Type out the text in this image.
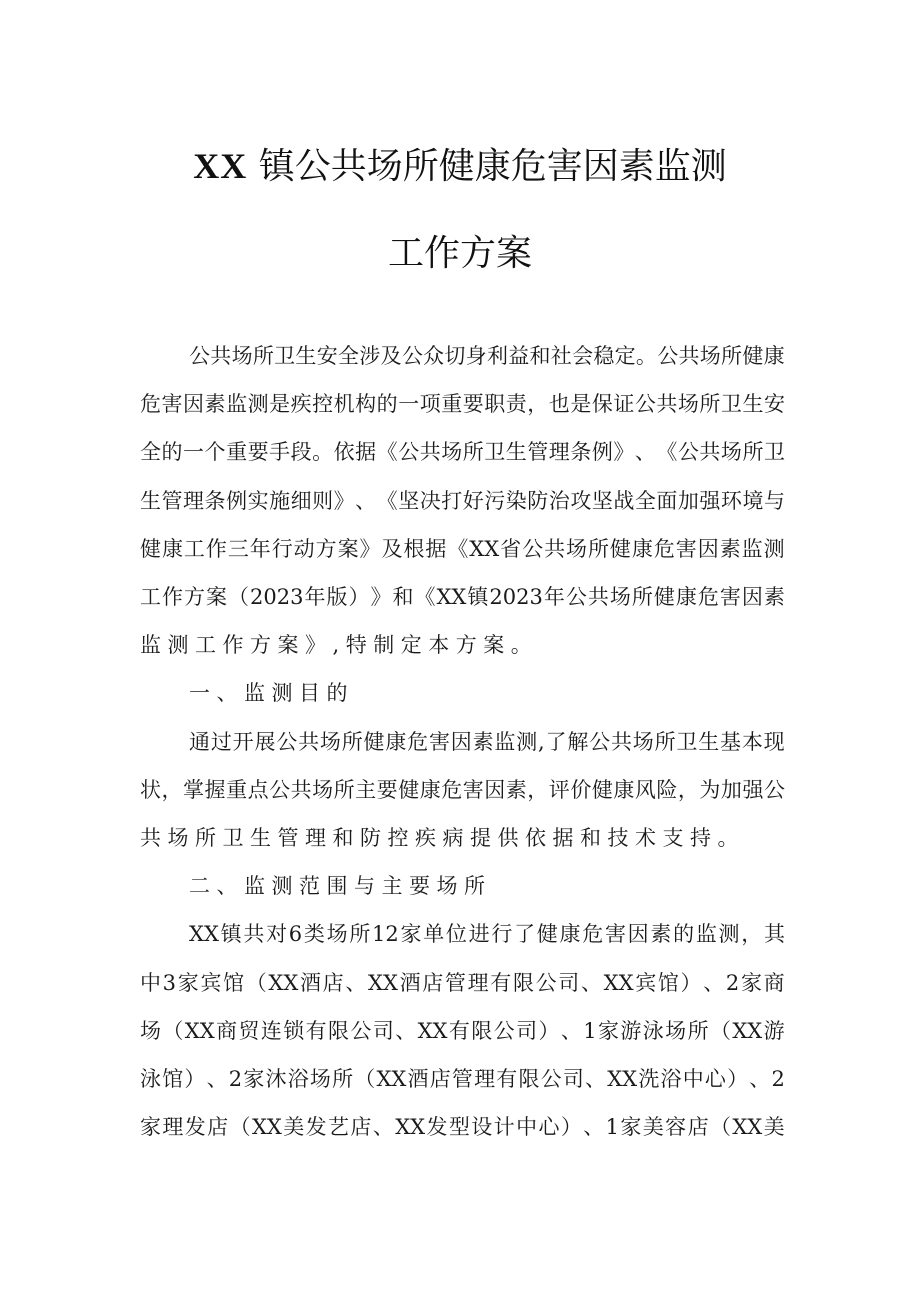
XX 镇公共场所健康危害因素监测
工作方案
公 共 场 所 卫 生 安 全 涉 及 公 众 切 身 利 益 和 社 会 稳 定 。 公 共 场 所 健 康
危 害 因 素 监 测 是 疾 控 机 构 的 一 项 重 要 职 责 ， 也 是 保 证 公 共 场 所 卫 生 安
全 的 一 个 重 要 手 段 。 依 据 《 公 共 场 所 卫 生 管 理 条 例 》 、 《 公 共 场 所 卫
生 管 理 条 例 实 施 细 则 》 、 《 坚 决 打 好 污 染 防 治 攻 坚 战 全 面 加 强 环 境 与
健 康 工 作 三 年 行 动 方 案 》 及 根 据 《 XX 省 公 共 场 所 健 康 危 害 因 素 监 测
工 作 方 案 （ 2023 年 版 ） 》 和 《 XX 镇 2023 年 公 共 场 所 健 康 危 害 因 素
监 测 工 作 方 案 》 , 特 制 定 本 方 案 。
一 、 监 测 目 的
通 过 开 展 公 共 场 所 健 康 危 害 因 素 监 测 , 了 解 公 共 场 所 卫 生 基 本 现
状 ， 掌 握 重 点 公 共 场 所 主 要 健 康 危 害 因 素 ， 评 价 健 康 风 险 ， 为 加 强 公
共 场 所 卫 生 管 理 和 防 控 疾 病 提 供 依 据 和 技 术 支 持 。
二 、 监 测 范 围 与 主 要 场 所
XX 镇 共 对 6 类 场 所 12 家 单 位 进 行 了 健 康 危 害 因 素 的 监 测 ， 其
中 3 家 宾 馆 （ XX 酒 店 、 XX 酒 店 管 理 有 限 公 司 、 XX 宾 馆 ） 、 2 家 商
场 （ XX 商 贸 连 锁 有 限 公 司 、 XX 有 限 公 司 ） 、 1 家 游 泳 场 所 （ XX 游
泳 馆 ） 、 2 家 沐 浴 场 所 （ XX 酒 店 管 理 有 限 公 司 、 XX 洗 浴 中 心 ） 、 2
家 理 发 店 （ XX 美 发 艺 店 、 XX 发 型 设 计 中 心 ） 、 1 家 美 容 店 （ XX 美
